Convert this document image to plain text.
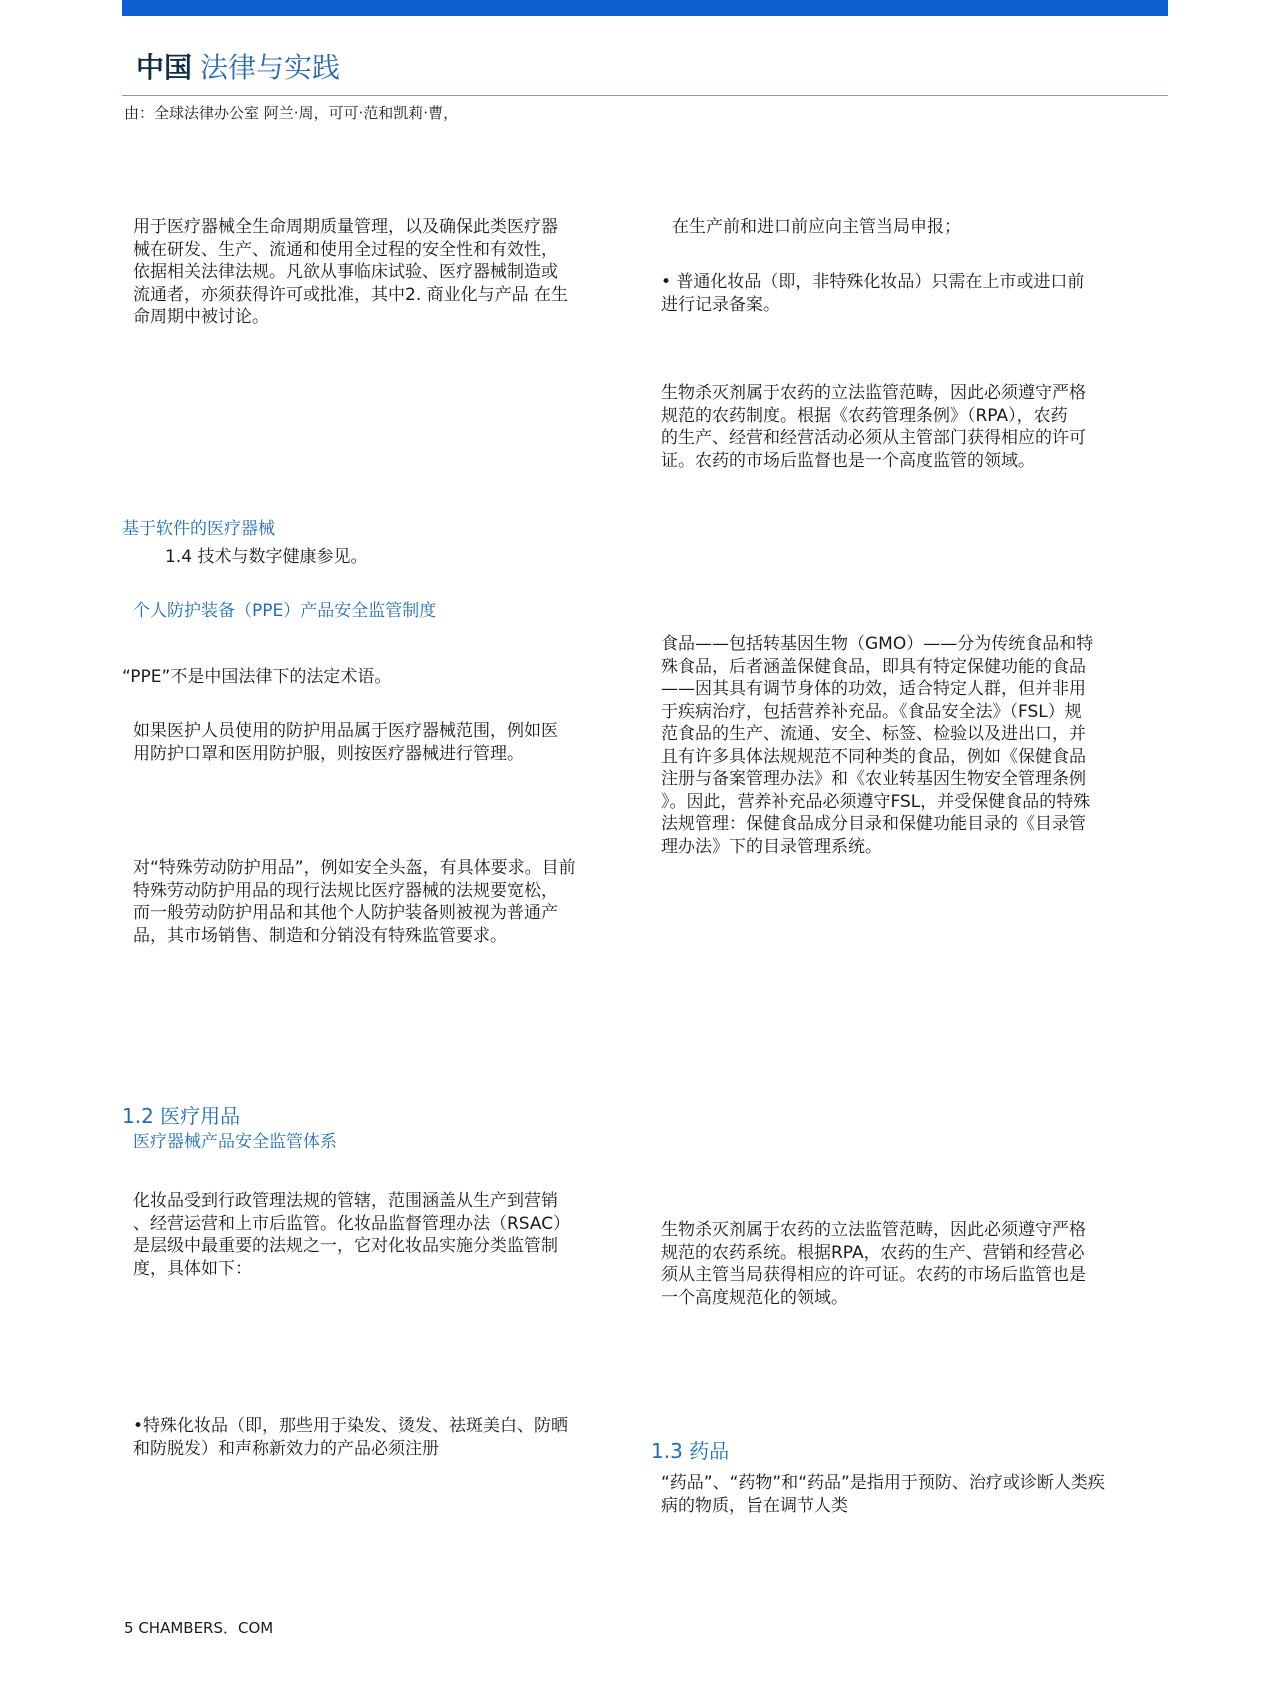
中国 法律与实践
由：全球法律办公室 阿兰·周，可可·范和凯莉·曹，
用于医疗器械全生命周期质量管理，以及确保此类医疗器
械在研发、生产、流通和使用全过程的安全性和有效性，
依据相关法律法规。凡欲从事临床试验、医疗器械制造或
流通者，亦须获得许可或批准，其中2. 商业化与产品 在生
命周期中被讨论。
基于软件的医疗器械
1.4 技术与数字健康参见。
个人防护装备（PPE）产品安全监管制度
“PPE”不是中国法律下的法定术语。
如果医护人员使用的防护用品属于医疗器械范围，例如医
用防护口罩和医用防护服，则按医疗器械进行管理。
对“特殊劳动防护用品”，例如安全头盔，有具体要求。目前
特殊劳动防护用品的现行法规比医疗器械的法规要宽松，
而一般劳动防护用品和其他个人防护装备则被视为普通产
品，其市场销售、制造和分销没有特殊监管要求。
1.2 医疗用品
医疗器械产品安全监管体系
化妆品受到行政管理法规的管辖，范围涵盖从生产到营销
、经营运营和上市后监管。化妆品监督管理办法（RSAC）
是层级中最重要的法规之一，它对化妆品实施分类监管制
度，具体如下：
•特殊化妆品（即，那些用于染发、烫发、祛斑美白、防晒
和防脱发）和声称新效力的产品必须注册
在生产前和进口前应向主管当局申报；
• 普通化妆品（即，非特殊化妆品）只需在上市或进口前
进行记录备案。
生物杀灭剂属于农药的立法监管范畴，因此必须遵守严格
规范的农药制度。根据《农药管理条例》（RPA），农药
的生产、经营和经营活动必须从主管部门获得相应的许可
证。农药的市场后监督也是一个高度监管的领域。
食品——包括转基因生物（GMO）——分为传统食品和特
殊食品，后者涵盖保健食品，即具有特定保健功能的食品
——因其具有调节身体的功效，适合特定人群，但并非用
于疾病治疗，包括营养补充品。《食品安全法》（FSL）规
范食品的生产、流通、安全、标签、检验以及进出口，并
且有许多具体法规规范不同种类的食品，例如《保健食品
注册与备案管理办法》和《农业转基因生物安全管理条例
》。因此，营养补充品必须遵守FSL，并受保健食品的特殊
法规管理：保健食品成分目录和保健功能目录的《目录管
理办法》下的目录管理系统。
生物杀灭剂属于农药的立法监管范畴，因此必须遵守严格
规范的农药系统。根据RPA，农药的生产、营销和经营必
须从主管当局获得相应的许可证。农药的市场后监管也是
一个高度规范化的领域。
1.3 药品
“药品”、“药物”和“药品”是指用于预防、治疗或诊断人类疾
病的物质，旨在调节人类
5 CHAMBERS．COM
